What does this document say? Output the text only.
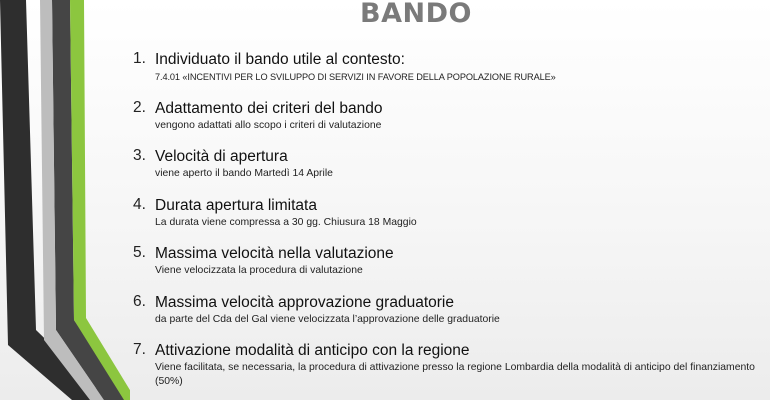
BANDO
1. Individuato il bando utile al contesto:
7.4.01 «INCENTIVI PER LO SVILUPPO DI SERVIZI IN FAVORE DELLA POPOLAZIONE RURALE»
2. Adattamento dei criteri del bando
vengono adattati allo scopo i criteri di valutazione
3. Velocità di apertura
viene aperto il bando Martedì 14 Aprile
4. Durata apertura limitata
La durata viene compressa a 30 gg. Chiusura 18 Maggio
5. Massima velocità nella valutazione
Viene velocizzata la procedura di valutazione
6. Massima velocità approvazione graduatorie
da parte del Cda del Gal viene velocizzata l’approvazione delle graduatorie
7. Attivazione modalità di anticipo con la regione
Viene facilitata, se necessaria, la procedura di attivazione presso la regione Lombardia della modalità di anticipo del finanziamento (50%)
